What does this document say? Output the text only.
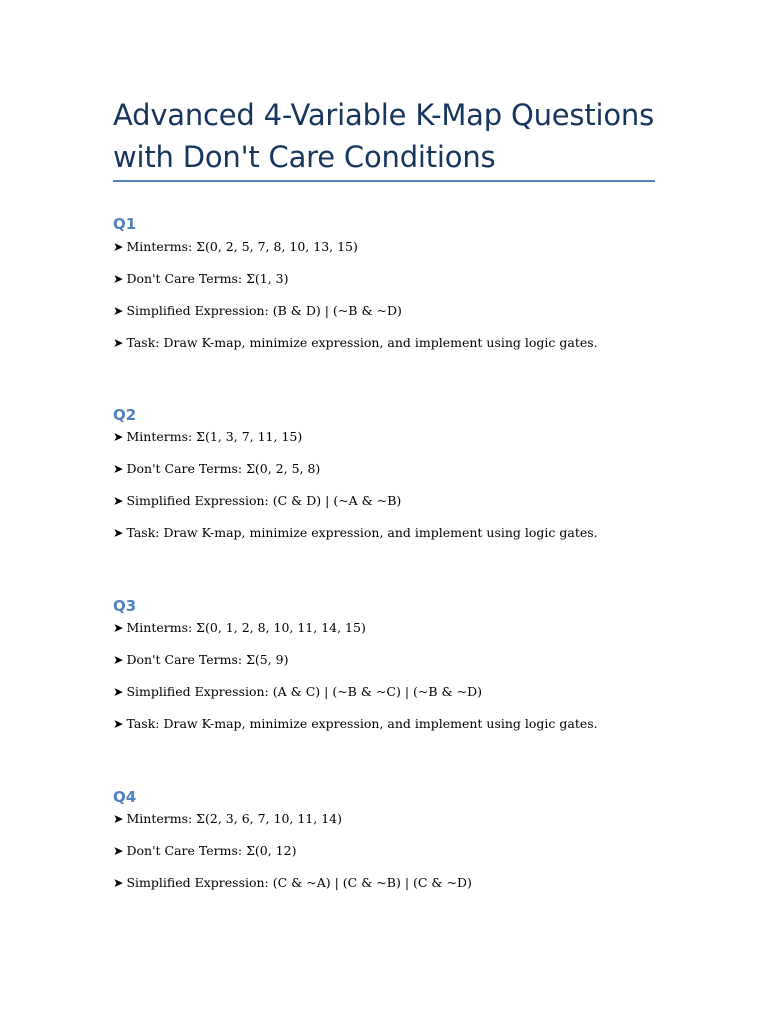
Advanced 4-Variable K-Map Questions
with Don't Care Conditions
Q1

➤ Minterms: Σ(0, 2, 5, 7, 8, 10, 13, 15)

➤ Don't Care Terms: Σ(1, 3)

➤ Simplified Expression: (B & D) | (~B & ~D)

➤ Task: Draw K-map, minimize expression, and implement using logic gates.

Q2

➤ Minterms: Σ(1, 3, 7, 11, 15)

➤ Don't Care Terms: Σ(0, 2, 5, 8)

➤ Simplified Expression: (C & D) | (~A & ~B)

➤ Task: Draw K-map, minimize expression, and implement using logic gates.

Q3

➤ Minterms: Σ(0, 1, 2, 8, 10, 11, 14, 15)

➤ Don't Care Terms: Σ(5, 9)

➤ Simplified Expression: (A & C) | (~B & ~C) | (~B & ~D)

➤ Task: Draw K-map, minimize expression, and implement using logic gates.

Q4

➤ Minterms: Σ(2, 3, 6, 7, 10, 11, 14)

➤ Don't Care Terms: Σ(0, 12)

➤ Simplified Expression: (C & ~A) | (C & ~B) | (C & ~D)
